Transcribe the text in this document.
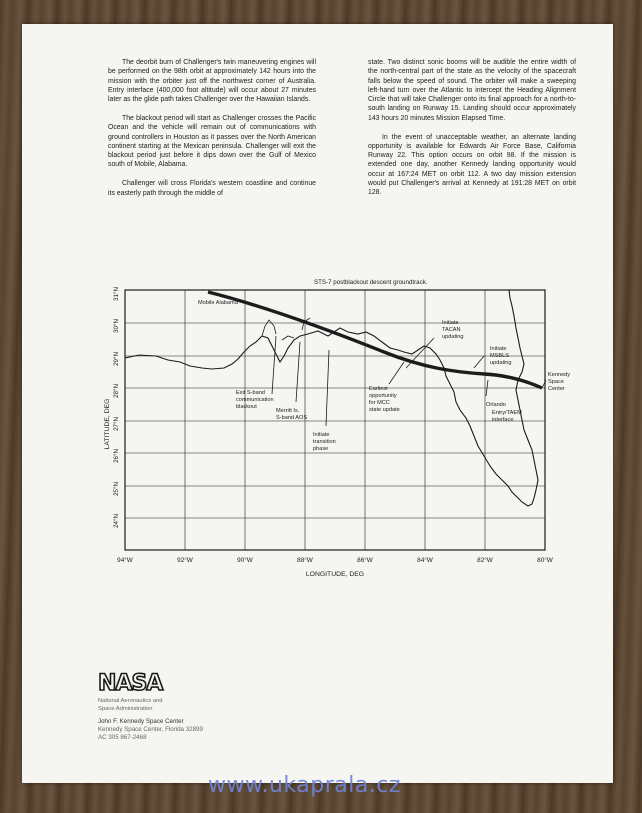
The deorbit burn of Challenger's twin maneuvering engines will be performed on the 98th orbit at approximately 142 hours into the mission with the orbiter just off the northwest corner of Australia. Entry interface (400,000 foot altitude) will occur about 27 minutes later as the glide path takes Challenger over the Hawaiian Islands.

The blackout period will start as Challenger crosses the Pacific Ocean and the vehicle will remain out of communications with ground controllers in Houston as it passes over the North American continent starting at the Mexican peninsula. Challenger will exit the blackout period just before it dips down over the Gulf of Mexico south of Mobile, Alabama.

Challenger will cross Florida's western coastline and continue its easterly path through the middle of

state. Two distinct sonic booms will be audible the entire width of the north-central part of the state as the velocity of the spacecraft falls below the speed of sound. The orbiter will make a sweeping left-hand turn over the Atlantic to intercept the Heading Alignment Circle that will take Challenger onto its final approach for a north-to-south landing on Runway 15. Landing should occur approximately 143 hours 20 minutes Mission Elapsed Time.

In the event of unacceptable weather, an alternate landing opportunity is available for Edwards Air Force Base, California Runway 22. This option occurs on orbit 98. If the mission is extended one day, another Kennedy landing opportunity would occur at 167:24 MET on orbit 112. A two day mission extension would put Challenger's arrival at Kennedy at 191:28 MET on orbit 128.

STS-7 postblackout descent groundtrack.
Mobile Alabama
Exit S-band
communication
blackout
Merritt Is.
S-band AOS
Initiate
transition
phase
Earliest
opportunity
for MCC
state update
Initiate
TACAN
updating
Initiate
MSBLS
updating
Orlando
Entry/TAEM
interface
Kennedy
Space
Center
94°W	92°W	90°W	88°W	86°W	84°W	82°W	80°W
LONGITUDE, DEG
31°N
30°N
29°N
28°N
27°N
26°N
25°N
24°N
LATITUDE, DEG
NASA
National Aeronautics and
Space Administration
John F. Kennedy Space Center
Kennedy Space Center, Florida 32899
AC 305 867-2468
www.ukaprala.cz
